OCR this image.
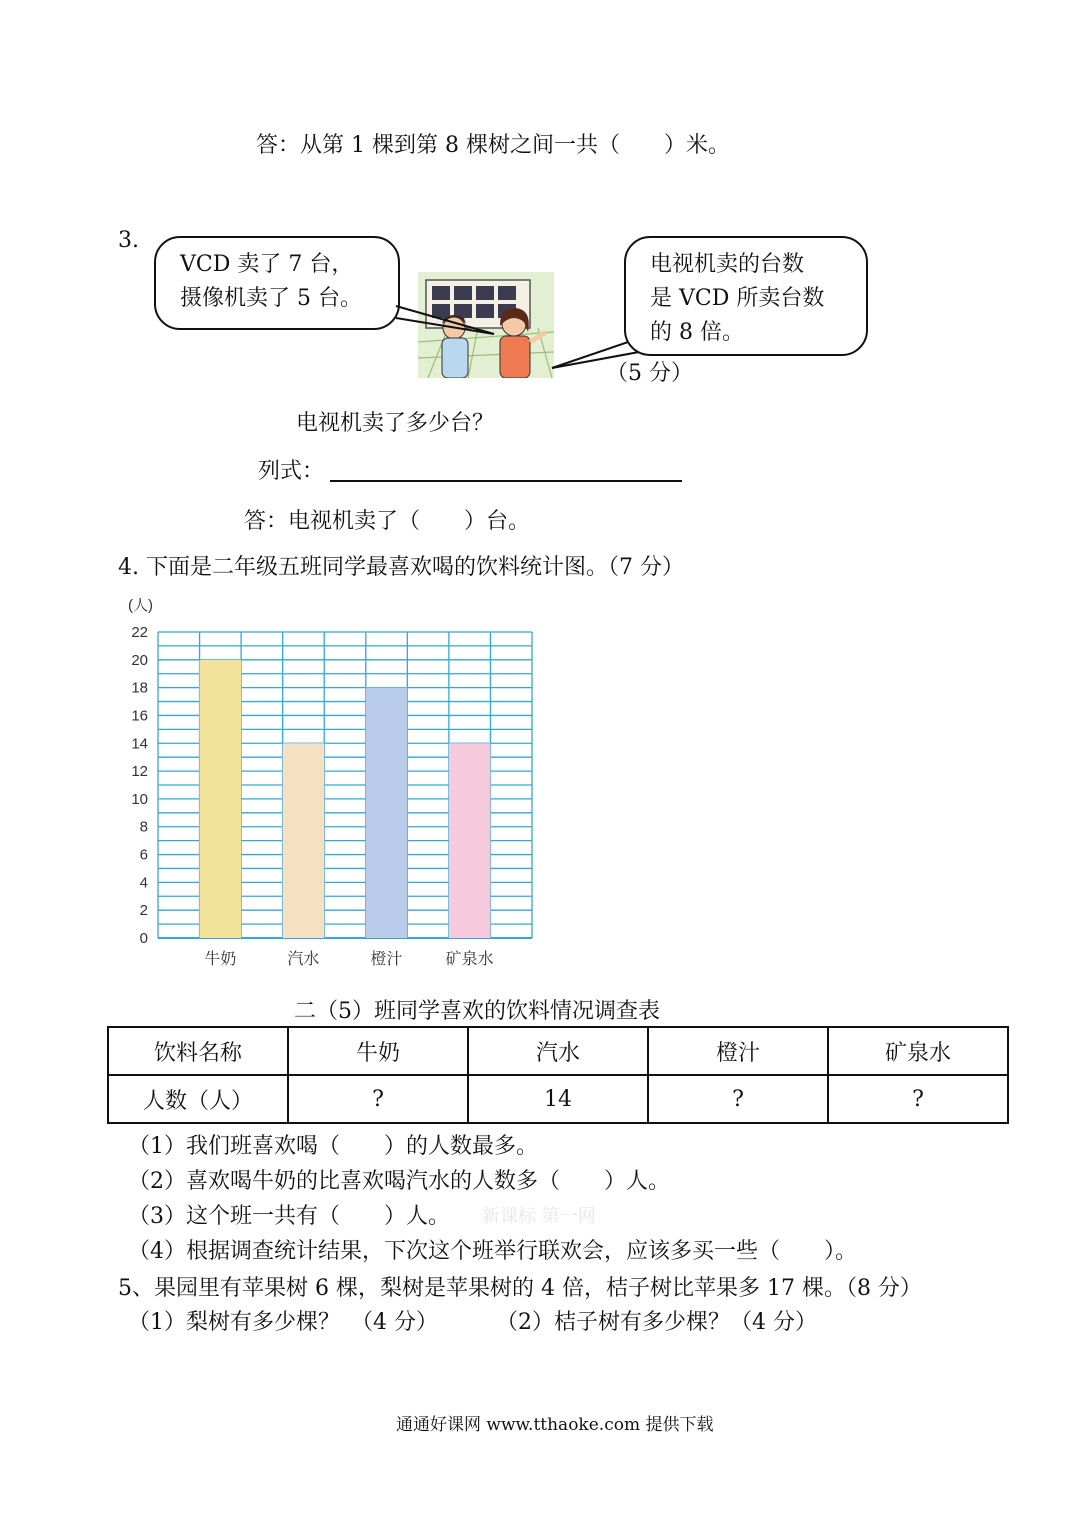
答：从第 1 棵到第 8 棵树之间一共（　　）米。
3.
VCD 卖了 7 台，
摄像机卖了 5 台。
电视机卖的台数
是 VCD 所卖台数
的 8 倍。
（5 分）
电视机卖了多少台？
列式：
答：电视机卖了（　　）台。
4. 下面是二年级五班同学最喜欢喝的饮料统计图。（7 分）
0
2
4
6
8
10
12
14
16
18
20
22
牛奶	汽水	橙汁	矿泉水
(人)
二（5）班同学喜欢的饮料情况调查表
饮料名称	牛奶	汽水	橙汁	矿泉水
人数（人）	?	14	?	?
（1）我们班喜欢喝（　　）的人数最多。
（2）喜欢喝牛奶的比喜欢喝汽水的人数多（　　）人。
（3）这个班一共有（　　）人。 新课标 第一网
（4）根据调查统计结果，下次这个班举行联欢会，应该多买一些（　　）。
5、果园里有苹果树 6 棵，梨树是苹果树的 4 倍，桔子树比苹果多 17 棵。（8 分）
（1）梨树有多少棵？　（4 分）	（2）桔子树有多少棵？（4 分）
通通好课网 www.tthaoke.com 提供下载
